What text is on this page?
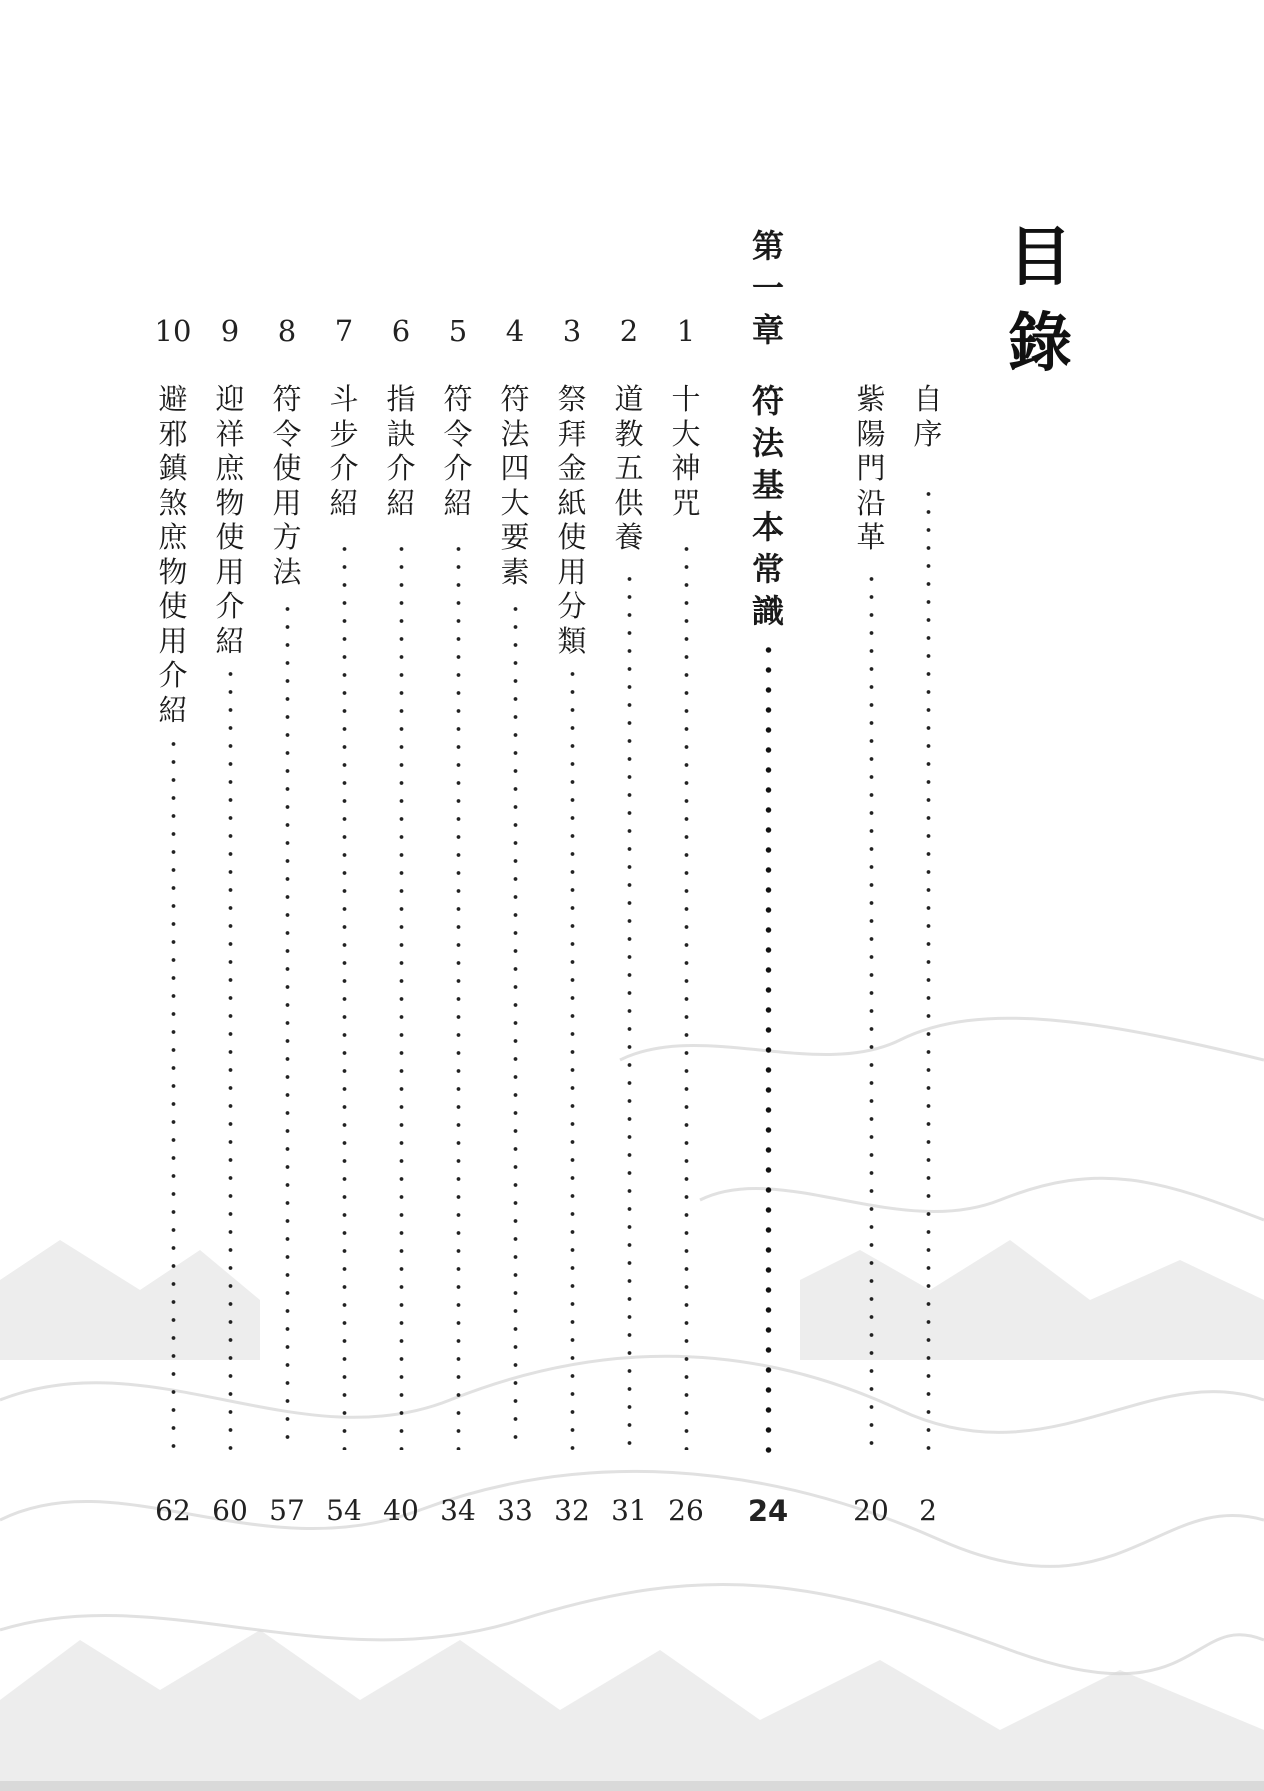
目
錄
自
序
2
紫
陽
門
沿
革
20
第
一
章
符
法
基
本
常
識
24
1
十
大
神
咒
26
2
道
教
五
供
養
31
3
祭
拜
金
紙
使
用
分
類
32
4
符
法
四
大
要
素
33
5
符
令
介
紹
34
6
指
訣
介
紹
40
7
斗
步
介
紹
54
8
符
令
使
用
方
法
57
9
迎
祥
庶
物
使
用
介
紹
60
10
避
邪
鎮
煞
庶
物
使
用
介
紹
62
